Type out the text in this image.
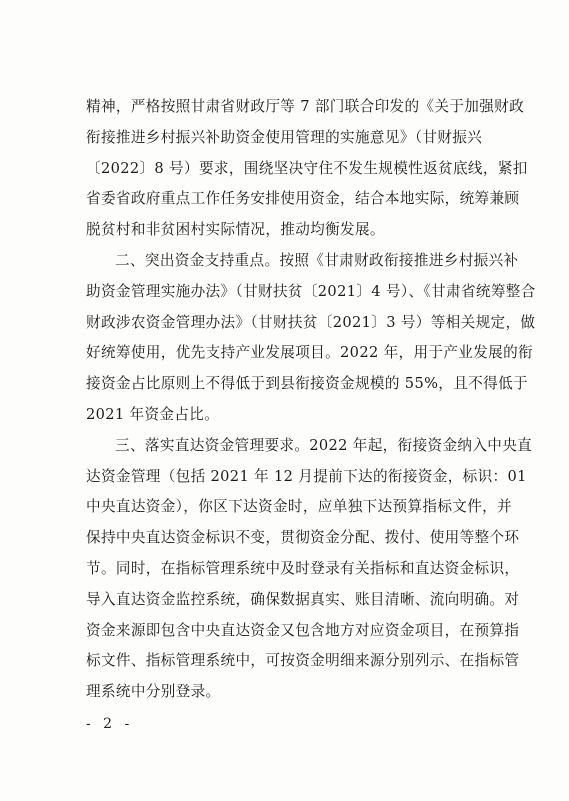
精神，严格按照甘肃省财政厅等 7 部门联合印发的《关于加强财政
衔接推进乡村振兴补助资金使用管理的实施意见》（甘财振兴
〔2022〕8 号）要求，围绕坚决守住不发生规模性返贫底线，紧扣
省委省政府重点工作任务安排使用资金，结合本地实际，统筹兼顾
脱贫村和非贫困村实际情况，推动均衡发展。
二、突出资金支持重点。按照《甘肃财政衔接推进乡村振兴补
助资金管理实施办法》（甘财扶贫〔2021〕4 号）、《甘肃省统筹整合
财政涉农资金管理办法》（甘财扶贫〔2021〕3 号）等相关规定，做
好统筹使用，优先支持产业发展项目。2022 年，用于产业发展的衔
接资金占比原则上不得低于到县衔接资金规模的 55%，且不得低于
2021 年资金占比。
三、落实直达资金管理要求。2022 年起，衔接资金纳入中央直
达资金管理（包括 2021 年 12 月提前下达的衔接资金，标识：01
中央直达资金），你区下达资金时，应单独下达预算指标文件，并
保持中央直达资金标识不变，贯彻资金分配、拨付、使用等整个环
节。同时，在指标管理系统中及时登录有关指标和直达资金标识，
导入直达资金监控系统，确保数据真实、账目清晰、流向明确。对
资金来源即包含中央直达资金又包含地方对应资金项目，在预算指
标文件、指标管理系统中，可按资金明细来源分别列示、在指标管
理系统中分别登录。
- 2 -
